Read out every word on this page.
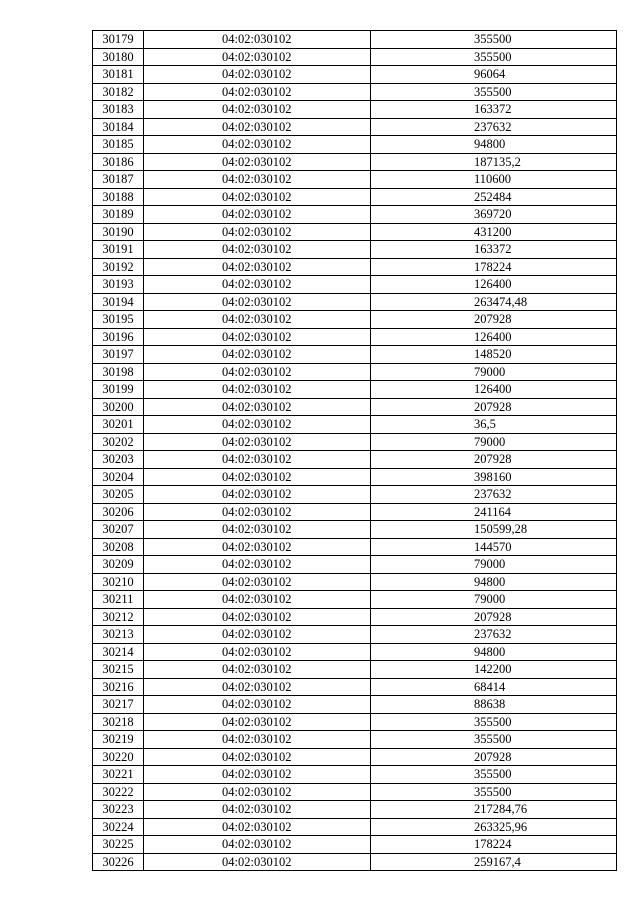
30179	04:02:030102	355500
30180	04:02:030102	355500
30181	04:02:030102	96064
30182	04:02:030102	355500
30183	04:02:030102	163372
30184	04:02:030102	237632
30185	04:02:030102	94800
30186	04:02:030102	187135,2
30187	04:02:030102	110600
30188	04:02:030102	252484
30189	04:02:030102	369720
30190	04:02:030102	431200
30191	04:02:030102	163372
30192	04:02:030102	178224
30193	04:02:030102	126400
30194	04:02:030102	263474,48
30195	04:02:030102	207928
30196	04:02:030102	126400
30197	04:02:030102	148520
30198	04:02:030102	79000
30199	04:02:030102	126400
30200	04:02:030102	207928
30201	04:02:030102	36,5
30202	04:02:030102	79000
30203	04:02:030102	207928
30204	04:02:030102	398160
30205	04:02:030102	237632
30206	04:02:030102	241164
30207	04:02:030102	150599,28
30208	04:02:030102	144570
30209	04:02:030102	79000
30210	04:02:030102	94800
30211	04:02:030102	79000
30212	04:02:030102	207928
30213	04:02:030102	237632
30214	04:02:030102	94800
30215	04:02:030102	142200
30216	04:02:030102	68414
30217	04:02:030102	88638
30218	04:02:030102	355500
30219	04:02:030102	355500
30220	04:02:030102	207928
30221	04:02:030102	355500
30222	04:02:030102	355500
30223	04:02:030102	217284,76
30224	04:02:030102	263325,96
30225	04:02:030102	178224
30226	04:02:030102	259167,4
